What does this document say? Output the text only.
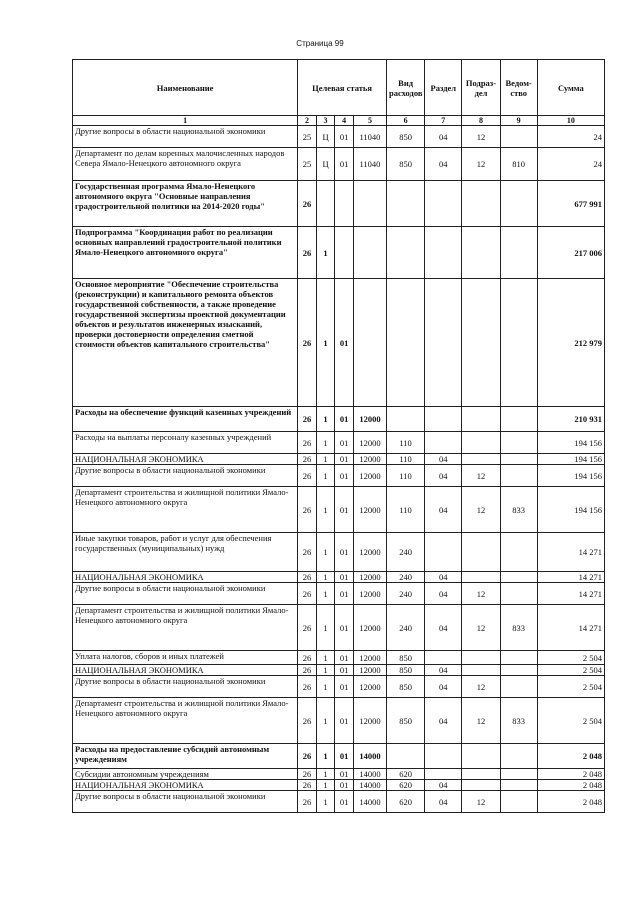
Страница 99
Наименование	Целевая статья				Вид расходов	Раздел	Подраз-дел	Ведом-ство	Сумма
1	2	3	4	5	6	7	8	9	10
Другие вопросы в области национальной экономики	25	Ц	01	11040	850	04	12		24
Департамент по делам коренных малочисленных народов Севера Ямало-Ненецкого автономного округа	25	Ц	01	11040	850	04	12	810	24
Государственная программа Ямало-Ненецкого автономного округа "Основные направления градостроительной политики на 2014-2020 годы"	26								677 991
Подпрограмма "Координация работ по реализации основных направлений градостроительной политики Ямало-Ненецкого автономного округа"	26	1							217 006
Основное мероприятие "Обеспечение строительства (реконструкции) и капитального ремонта объектов государственной собственности, а также проведение государственной экспертизы проектной документации объектов и результатов инженерных изысканий, проверки достоверности определения сметной стоимости объектов капитального строительства"	26	1	01						212 979
Расходы на обеспечение функций казенных учреждений	26	1	01	12000					210 931
Расходы на выплаты персоналу казенных учреждений	26	1	01	12000	110				194 156
НАЦИОНАЛЬНАЯ ЭКОНОМИКА	26	1	01	12000	110	04			194 156
Другие вопросы в области национальной экономики	26	1	01	12000	110	04	12		194 156
Департамент строительства и жилищной политики Ямало-Ненецкого автономного округа	26	1	01	12000	110	04	12	833	194 156
Иные закупки товаров, работ и услуг для обеспечения государственных (муниципальных) нужд	26	1	01	12000	240				14 271
НАЦИОНАЛЬНАЯ ЭКОНОМИКА	26	1	01	12000	240	04			14 271
Другие вопросы в области национальной экономики	26	1	01	12000	240	04	12		14 271
Департамент строительства и жилищной политики Ямало-Ненецкого автономного округа	26	1	01	12000	240	04	12	833	14 271
Уплата налогов, сборов и иных платежей	26	1	01	12000	850				2 504
НАЦИОНАЛЬНАЯ ЭКОНОМИКА	26	1	01	12000	850	04			2 504
Другие вопросы в области национальной экономики	26	1	01	12000	850	04	12		2 504
Департамент строительства и жилищной политики Ямало-Ненецкого автономного округа	26	1	01	12000	850	04	12	833	2 504
Расходы на предоставление субсидий автономным учреждениям	26	1	01	14000					2 048
Субсидии автономным учреждениям	26	1	01	14000	620				2 048
НАЦИОНАЛЬНАЯ ЭКОНОМИКА	26	1	01	14000	620	04			2 048
Другие вопросы в области национальной экономики	26	1	01	14000	620	04	12		2 048
